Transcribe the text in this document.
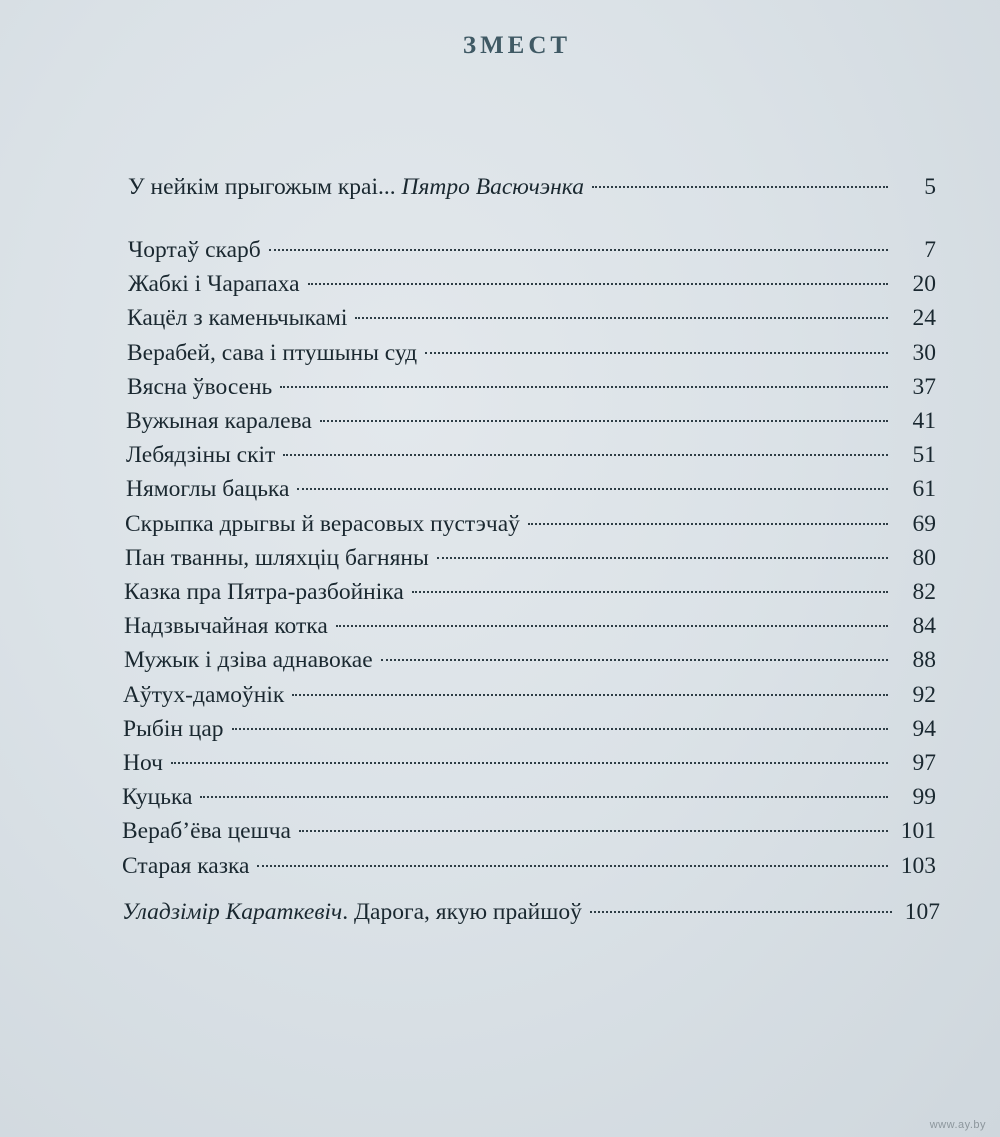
ЗМЕСТ
У нейкім прыгожым краі... Пятро Васючэнка	5
Чортаў скарб	7
Жабкі і Чарапаха	20
Кацёл з каменьчыкамі	24
Верабей, сава і птушыны суд	30
Вясна ўвосень	37
Вужыная каралева	41
Лебядзіны скіт	51
Нямоглы бацька	61
Скрыпка дрыгвы й верасовых пустэчаў	69
Пан тванны, шляхціц багняны	80
Казка пра Пятра-разбойніка	82
Надзвычайная котка	84
Мужык і дзіва аднавокае	88
Аўтух-дамоўнік	92
Рыбін цар	94
Ноч	97
Куцька	99
Вераб’ёва цешча	101
Старая казка	103
Уладзімір Караткевіч. Дарога, якую прайшоў	107
www.ay.by
